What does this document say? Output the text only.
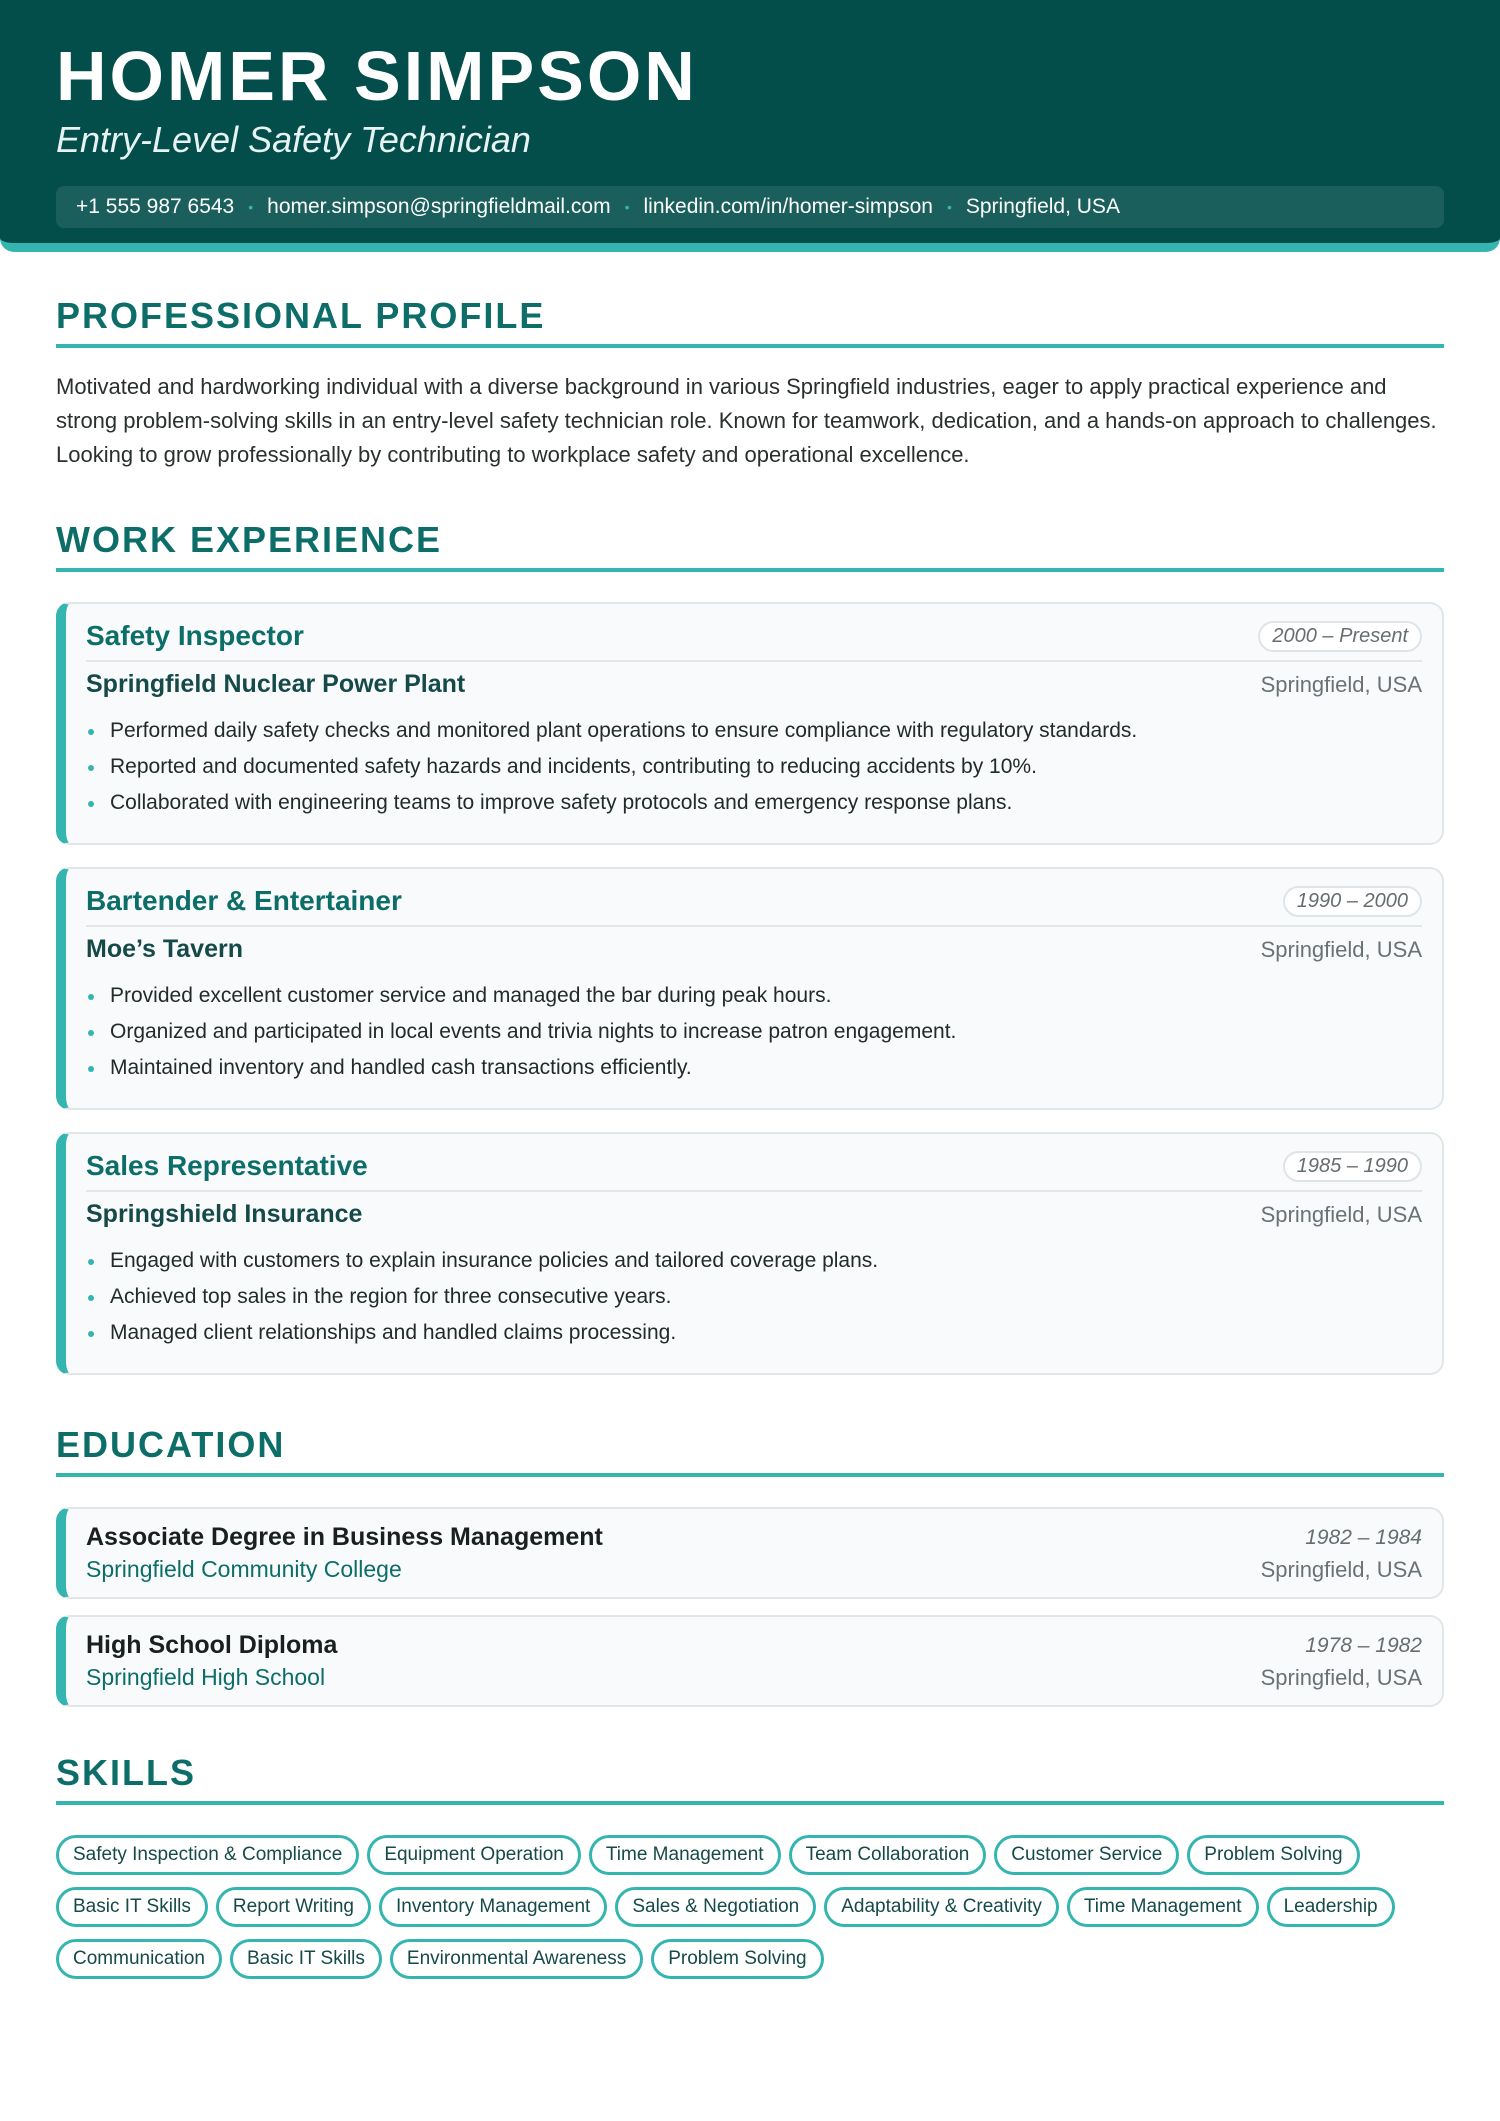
HOMER SIMPSON
Entry-Level Safety Technician
+1 555 987 6543 • homer.simpson@springfieldmail.com • linkedin.com/in/homer-simpson • Springfield, USA
PROFESSIONAL PROFILE

Motivated and hardworking individual with a diverse background in various Springfield industries, eager to apply practical experience and strong problem-solving skills in an entry-level safety technician role. Known for teamwork, dedication, and a hands-on approach to challenges. Looking to grow professionally by contributing to workplace safety and operational excellence.

WORK EXPERIENCE
Safety Inspector	2000 – Present
Springfield Nuclear Power Plant	Springfield, USA
Performed daily safety checks and monitored plant operations to ensure compliance with regulatory standards.
Reported and documented safety hazards and incidents, contributing to reducing accidents by 10%.
Collaborated with engineering teams to improve safety protocols and emergency response plans.
Bartender & Entertainer	1990 – 2000
Moe’s Tavern	Springfield, USA
Provided excellent customer service and managed the bar during peak hours.
Organized and participated in local events and trivia nights to increase patron engagement.
Maintained inventory and handled cash transactions efficiently.
Sales Representative	1985 – 1990
Springshield Insurance	Springfield, USA
Engaged with customers to explain insurance policies and tailored coverage plans.
Achieved top sales in the region for three consecutive years.
Managed client relationships and handled claims processing.
EDUCATION
Associate Degree in Business Management	1982 – 1984
Springfield Community College	Springfield, USA
High School Diploma	1978 – 1982
Springfield High School	Springfield, USA
SKILLS
Safety Inspection & Compliance	Equipment Operation	Time Management	Team Collaboration	Customer Service	Problem Solving
Basic IT Skills	Report Writing	Inventory Management	Sales & Negotiation	Adaptability & Creativity	Time Management	Leadership
Communication	Basic IT Skills	Environmental Awareness	Problem Solving
